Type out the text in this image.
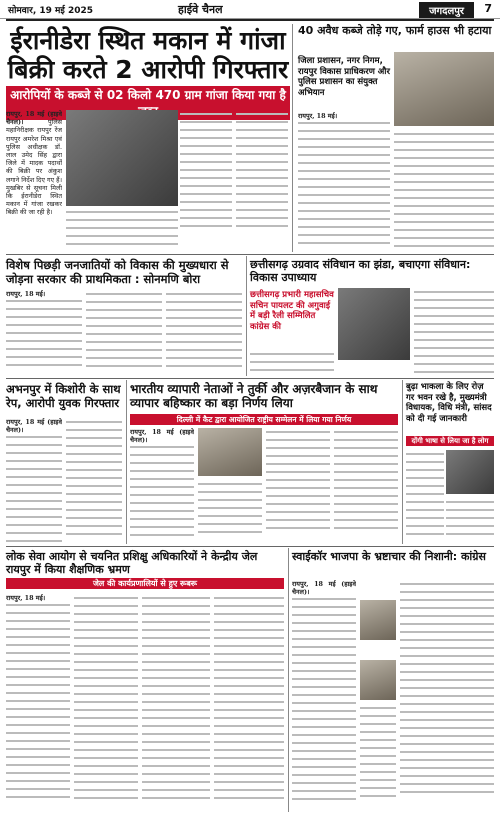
सोमवार, 19 मई 2025	हाईवे चैनल	जगदलपुर	7
ईरानीडेरा स्थित मकान में गांजा
बिक्री करते 2 आरोपी गिरफ्तार
आरोपियों के कब्जे से 02 किलो 470 ग्राम गांजा किया गया है
रायपुर, 18 मई (हाइवे चैनल)।	पुलिस महानिरीक्षक रायपुर रेंज रायपुर अमरेश मिश्रा एवं पुलिस अधीक्षक डॉ. लाल उमेद सिंह द्वारा जिले में मादक पदार्थों की बिक्री पर अंकुश लगाने निर्देश दिए गए हैं। मुखबिर से सूचना मिली कि ईरानीडेरा स्थित मकान में गांजा रखकर बिक्री की जा रही है।
40 अवैध कब्जे तोड़े गए, फार्म हाउस भी हटाया
जिला प्रशासन, नगर निगम, रायपुर विकास प्राधिकरण और पुलिस प्रशासन का संयुक्त अभियान
रायपुर, 18 मई।
विशेष पिछड़ी जनजातियों को विकास की मुख्यधारा से जोड़ना सरकार की प्राथमिकता : सोनमणि बोरा
रायपुर, 18 मई।
छत्तीसगढ़ उग्रवाद संविधान का झंडा, बचाएगा संविधान: विकास उपाध्याय
छत्तीसगढ़ प्रभारी महासचिव सचिन पायलट की अगुवाई में बड़ी रैली सम्मिलित कांग्रेस की
अभनपुर में किशोरी के साथ रेप, आरोपी युवक गिरफ्तार
रायपुर, 18 मई (हाइवे चैनल)।
भारतीय व्यापारी नेताओं ने तुर्की और अज़रबैजान के साथ व्यापार बहिष्कार का बड़ा निर्णय लिया
दिल्ली में कैट द्वारा आयोजित राष्ट्रीय सम्मेलन में लिया गया निर्णय
रायपुर, 18 मई (हाइवे चैनल)।
बुढ़ा भाकला के लिए रोज़ गर भवन रखे है, मुख्यमंत्री विधायक, विधि मंत्री, सांसद को दी गई जानकारी
दोंगी भाषा से लिया जा है लोग
लोक सेवा आयोग से चयनित प्रशिक्षु अधिकारियों ने केन्द्रीय जेल रायपुर में किया शैक्षणिक भ्रमण
जेल की कार्यप्रणालियों से हुए रूबरू
रायपुर, 18 मई।
स्वाईकॉर भाजपा के भ्रष्टाचार की निशानी: कांग्रेस
रायपुर, 18 मई (हाइवे चैनल)।
